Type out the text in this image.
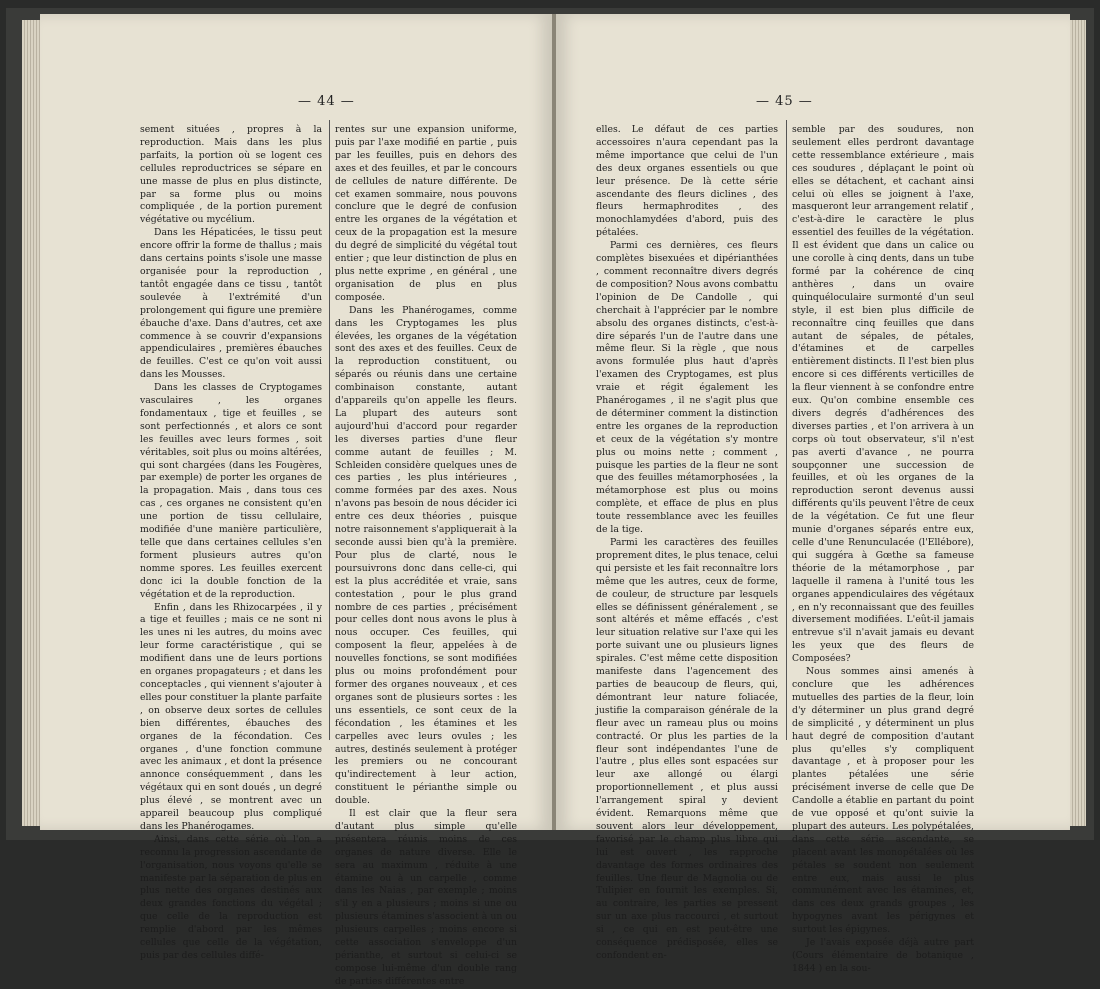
— 44 —

sement situées , propres à la reproduction. Mais dans les plus parfaits, la portion où se logent ces cellules reproductrices se sépare en une masse de plus en plus distincte, par sa forme plus ou moins compliquée , de la portion purement végétative ou mycélium.

Dans les Hépaticées, le tissu peut encore offrir la forme de thallus ; mais dans certains points s'isole une masse organisée pour la reproduction , tantôt engagée dans ce tissu , tantôt soulevée à l'extrémité d'un prolongement qui figure une première ébauche d'axe. Dans d'autres, cet axe commence à se couvrir d'expansions appendiculaires , premières ébauches de feuilles. C'est ce qu'on voit aussi dans les Mousses.

Dans les classes de Cryptogames vasculaires , les organes fondamentaux , tige et feuilles , se sont perfectionnés , et alors ce sont les feuilles avec leurs formes , soit véritables, soit plus ou moins altérées, qui sont chargées (dans les Fougères, par exemple) de porter les organes de la propagation. Mais , dans tous ces cas , ces organes ne consistent qu'en une portion de tissu cellulaire, modifiée d'une manière particulière, telle que dans certaines cellules s'en forment plusieurs autres qu'on nomme spores. Les feuilles exercent donc ici la double fonction de la végétation et de la reproduction.

Enfin , dans les Rhizocarpées , il y a tige et feuilles ; mais ce ne sont ni les unes ni les autres, du moins avec leur forme caractéristique , qui se modifient dans une de leurs portions en organes propagateurs ; et dans les conceptacles , qui viennent s'ajouter à elles pour constituer la plante parfaite , on observe deux sortes de cellules bien différentes, ébauches des organes de la fécondation. Ces organes , d'une fonction commune avec les animaux , et dont la présence annonce conséquemment , dans les végétaux qui en sont doués , un degré plus élevé , se montrent avec un appareil beaucoup plus compliqué dans les Phanérogames.

Ainsi, dans cette série où l'on a reconnu la progression ascendante de l'organisation, nous voyons qu'elle se manifeste par la séparation de plus en plus nette des organes destinés aux deux grandes fonctions du végétal ; que celle de la reproduction est remplie d'abord par les mêmes cellules que celle de la végétation, puis par des cellules diffé-

rentes sur une expansion uniforme, puis par l'axe modifié en partie , puis par les feuilles, puis en dehors des axes et des feuilles, et par le concours de cellules de nature différente. De cet examen sommaire, nous pouvons conclure que le degré de confusion entre les organes de la végétation et ceux de la propagation est la mesure du degré de simplicité du végétal tout entier ; que leur distinction de plus en plus nette exprime , en général , une organisation de plus en plus composée.

Dans les Phanérogames, comme dans les Cryptogames les plus élevées, les organes de la végétation sont des axes et des feuilles. Ceux de la reproduction constituent, ou séparés ou réunis dans une certaine combinaison constante, autant d'appareils qu'on appelle les fleurs. La plupart des auteurs sont aujourd'hui d'accord pour regarder les diverses parties d'une fleur comme autant de feuilles ; M. Schleiden considère quelques unes de ces parties , les plus intérieures , comme formées par des axes. Nous n'avons pas besoin de nous décider ici entre ces deux théories , puisque notre raisonnement s'appliquerait à la seconde aussi bien qu'à la première. Pour plus de clarté, nous le poursuivrons donc dans celle-ci, qui est la plus accréditée et vraie, sans contestation , pour le plus grand nombre de ces parties , précisément pour celles dont nous avons le plus à nous occuper. Ces feuilles, qui composent la fleur, appelées à de nouvelles fonctions, se sont modifiées plus ou moins profondément pour former des organes nouveaux , et ces organes sont de plusieurs sortes : les uns essentiels, ce sont ceux de la fécondation , les étamines et les carpelles avec leurs ovules ; les autres, destinés seulement à protéger les premiers ou ne concourant qu'indirectement à leur action, constituent le périanthe simple ou double.

Il est clair que la fleur sera d'autant plus simple qu'elle présentera réunis moins de ces organes de nature diverse. Elle le sera au maximum , réduite à une étamine ou à un carpelle , comme dans les Naias , par exemple ; moins s'il y en a plusieurs ; moins si une ou plusieurs étamines s'associent à un ou plusieurs carpelles ; moins encore si cette association s'enveloppe d'un périanthe, et surtout si celui-ci se compose lui-même d'un double rang de parties différentes entre

— 45 —

elles. Le défaut de ces parties accessoires n'aura cependant pas la même importance que celui de l'un des deux organes essentiels ou que leur présence. De là cette série ascendante des fleurs diclines , des fleurs hermaphrodites , des monochlamydées d'abord, puis des pétalées.

Parmi ces dernières, ces fleurs complètes bisexuées et dipérianthées , comment reconnaître divers degrés de composition? Nous avons combattu l'opinion de De Candolle , qui cherchait à l'apprécier par le nombre absolu des organes distincts, c'est-à-dire séparés l'un de l'autre dans une même fleur. Si la règle , que nous avons formulée plus haut d'après l'examen des Cryptogames, est plus vraie et régit également les Phanérogames , il ne s'agit plus que de déterminer comment la distinction entre les organes de la reproduction et ceux de la végétation s'y montre plus ou moins nette ; comment , puisque les parties de la fleur ne sont que des feuilles métamorphosées , la métamorphose est plus ou moins complète, et efface de plus en plus toute ressemblance avec les feuilles de la tige.

Parmi les caractères des feuilles proprement dites, le plus tenace, celui qui persiste et les fait reconnaître lors même que les autres, ceux de forme, de couleur, de structure par lesquels elles se définissent généralement , se sont altérés et même effacés , c'est leur situation relative sur l'axe qui les porte suivant une ou plusieurs lignes spirales. C'est même cette disposition manifeste dans l'agencement des parties de beaucoup de fleurs, qui, démontrant leur nature foliacée, justifie la comparaison générale de la fleur avec un rameau plus ou moins contracté. Or plus les parties de la fleur sont indépendantes l'une de l'autre , plus elles sont espacées sur leur axe allongé ou élargi proportionnellement , et plus aussi l'arrangement spiral y devient évident. Remarquons même que souvent alors leur développement, favorisé par le champ plus libre qui lui est ouvert , les rapproche davantage des formes ordinaires des feuilles. Une fleur de Magnolia ou de Tulipier en fournit les exemples. Si, au contraire, les parties se pressent sur un axe plus raccourci , et surtout si , ce qui en est peut-être une conséquence prédisposée, elles se confondent en-

semble par des soudures, non seulement elles perdront davantage cette ressemblance extérieure , mais ces soudures , déplaçant le point où elles se détachent, et cachant ainsi celui où elles se joignent à l'axe, masqueront leur arrangement relatif , c'est-à-dire le caractère le plus essentiel des feuilles de la végétation. Il est évident que dans un calice ou une corolle à cinq dents, dans un tube formé par la cohérence de cinq anthères , dans un ovaire quinquéloculaire surmonté d'un seul style, il est bien plus difficile de reconnaître cinq feuilles que dans autant de sépales, de pétales, d'étamines et de carpelles entièrement distincts. Il l'est bien plus encore si ces différents verticilles de la fleur viennent à se confondre entre eux. Qu'on combine ensemble ces divers degrés d'adhérences des diverses parties , et l'on arrivera à un corps où tout observateur, s'il n'est pas averti d'avance , ne pourra soupçonner une succession de feuilles, et où les organes de la reproduction seront devenus aussi différents qu'ils peuvent l'être de ceux de la végétation. Ce fut une fleur munie d'organes séparés entre eux, celle d'une Renunculacée (l'Ellébore), qui suggéra à Gœthe sa fameuse théorie de la métamorphose , par laquelle il ramena à l'unité tous les organes appendiculaires des végétaux , en n'y reconnaissant que des feuilles diversement modifiées. L'eût-il jamais entrevue s'il n'avait jamais eu devant les yeux que des fleurs de Composées?

Nous sommes ainsi amenés à conclure que les adhérences mutuelles des parties de la fleur, loin d'y déterminer un plus grand degré de simplicité , y déterminent un plus haut degré de composition d'autant plus qu'elles s'y compliquent davantage , et à proposer pour les plantes pétalées une série précisément inverse de celle que De Candolle a établie en partant du point de vue opposé et qu'ont suivie la plupart des auteurs. Les polypétalées, dans cette série ascendante, se placent avant les monopétalées où les pétales se soudent non seulement entre eux, mais aussi le plus communément avec les étamines, et, dans ces deux grands groupes , les hypogynes avant les périgynes et surtout les épigynes.

Je l'avais exposée déjà autre part (Cours élémentaire de botanique , 1844 ) en la sou-
